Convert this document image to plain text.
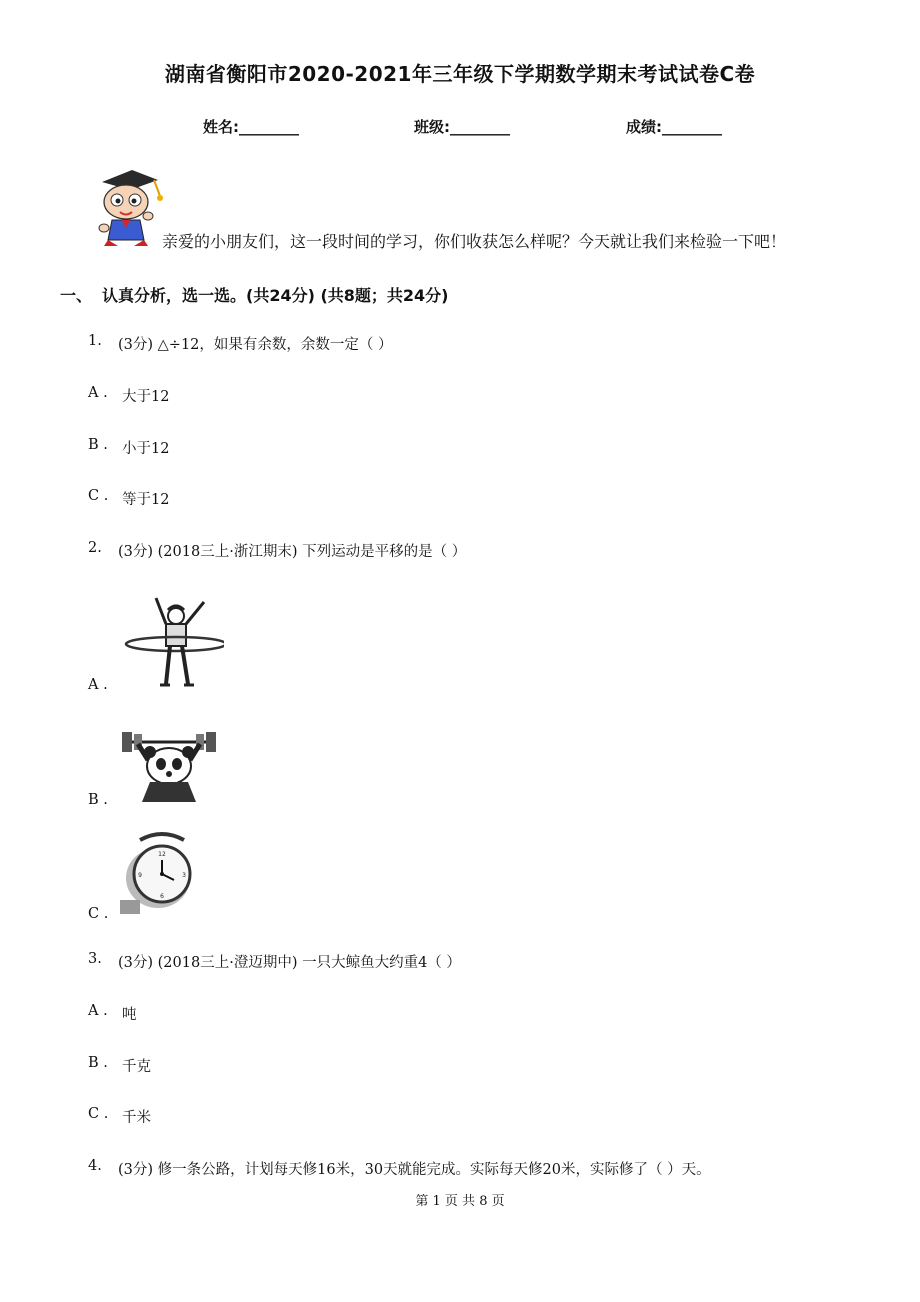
湖南省衡阳市2020-2021年三年级下学期数学期末考试试卷C卷
姓名:________	班级:________	成绩:________
亲爱的小朋友们，这一段时间的学习，你们收获怎么样呢？今天就让我们来检验一下吧！
一、 认真分析，选一选。(共24分) (共8题；共24分)
1. (3分) △÷12，如果有余数，余数一定（ ）
A . 大于12
B . 小于12
C . 等于12
2. (3分) (2018三上·浙江期末) 下列运动是平移的是（ ）
A .
B .
C .
12
3
6
9
3. (3分) (2018三上·澄迈期中) 一只大鲸鱼大约重4（ ）
A . 吨
B . 千克
C . 千米
4. (3分) 修一条公路，计划每天修16米，30天就能完成。实际每天修20米，实际修了（ ）天。
第 1 页 共 8 页
